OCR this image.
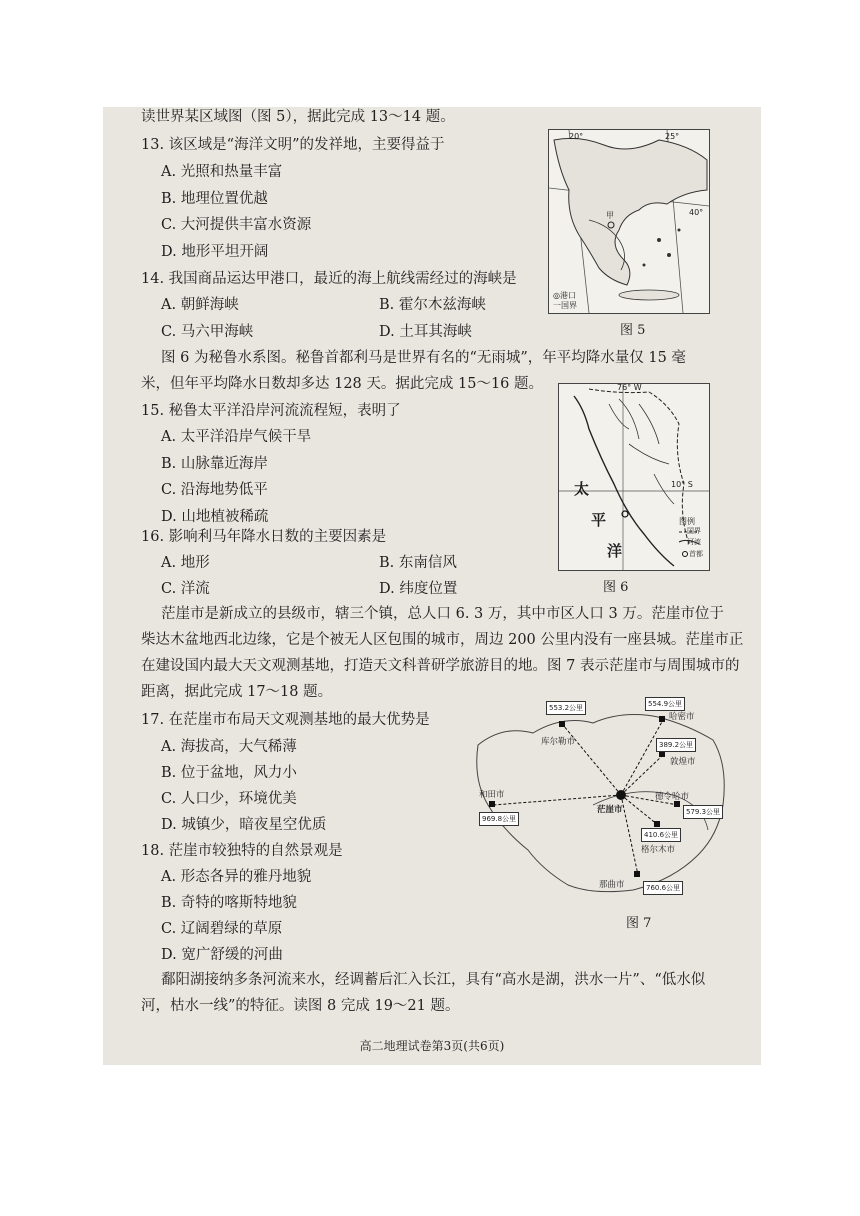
读世界某区域图（图 5），据此完成 13～14 题。
13. 该区域是“海洋文明”的发祥地，主要得益于
A. 光照和热量丰富
B. 地理位置优越
C. 大河提供丰富水资源
D. 地形平坦开阔
14. 我国商品运达甲港口，最近的海上航线需经过的海峡是
A. 朝鲜海峡	B. 霍尔木兹海峡
C. 马六甲海峡	D. 土耳其海峡
20°	25°
40°
甲
◎港口
一国界
图 5
图 6 为秘鲁水系图。秘鲁首都利马是世界有名的“无雨城”，年平均降水量仅 15 毫
米，但年平均降水日数却多达 128 天。据此完成 15～16 题。
15. 秘鲁太平洋沿岸河流流程短，表明了
A. 太平洋沿岸气候干旱
B. 山脉靠近海岸
C. 沿海地势低平
D. 山地植被稀疏
16. 影响利马年降水日数的主要因素是
A. 地形	B. 东南信风
C. 洋流	D. 纬度位置
76° W
10° S
太
平
洋
图例
国界
河流
首都
图 6
茫崖市是新成立的县级市，辖三个镇，总人口 6. 3 万，其中市区人口 3 万。茫崖市位于
柴达木盆地西北边缘，它是个被无人区包围的城市，周边 200 公里内没有一座县城。茫崖市正
在建设国内最大天文观测基地，打造天文科普研学旅游目的地。图 7 表示茫崖市与周围城市的
距离，据此完成 17～18 题。
17. 在茫崖市布局天文观测基地的最大优势是
A. 海拔高，大气稀薄
B. 位于盆地，风力小
C. 人口少，环境优美
D. 城镇少，暗夜星空优质
18. 茫崖市较独特的自然景观是
A. 形态各异的雅丹地貌
B. 奇特的喀斯特地貌
C. 辽阔碧绿的草原
D. 宽广舒缓的河曲
553.2公里
库尔勒市
554.9公里
哈密市
389.2公里
敦煌市
德令哈市
579.3公里
410.6公里
格尔木市
和田市
969.8公里
那曲市	760.6公里
茫崖市
图 7
鄱阳湖接纳多条河流来水，经调蓄后汇入长江，具有“高水是湖，洪水一片”、“低水似
河，枯水一线”的特征。读图 8 完成 19～21 题。
高二地理试卷第3页(共6页)
